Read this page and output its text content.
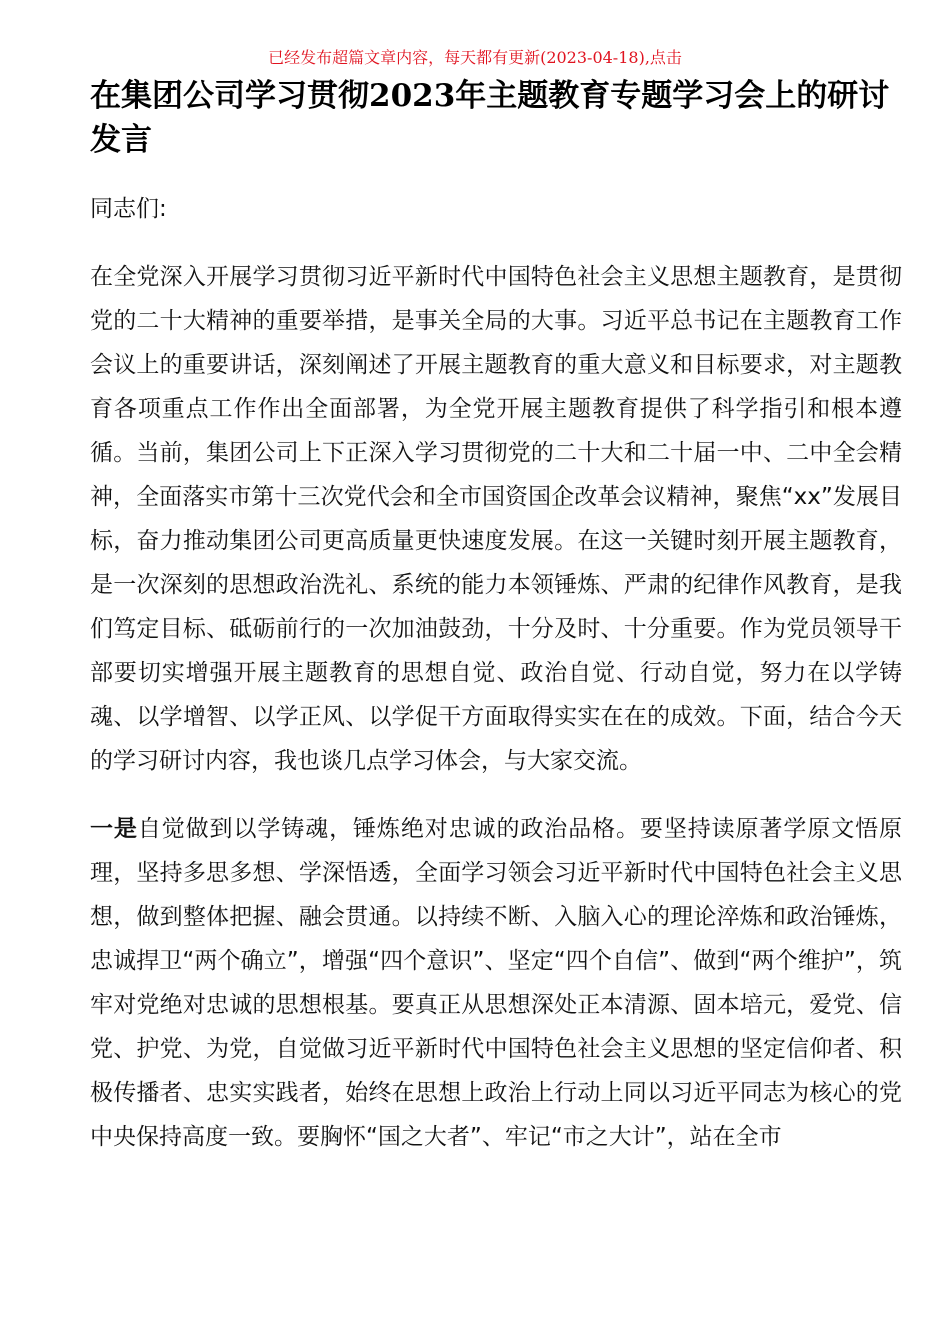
已经发布超篇文章内容，每天都有更新(2023-04-18),点击
在集团公司学习贯彻2023年主题教育专题学习会上的研讨发言

同志们:

在全党深入开展学习贯彻习近平新时代中国特色社会主义思想主题教育，是贯彻党的二十大精神的重要举措，是事关全局的大事。习近平总书记在主题教育工作会议上的重要讲话，深刻阐述了开展主题教育的重大意义和目标要求，对主题教育各项重点工作作出全面部署，为全党开展主题教育提供了科学指引和根本遵循。当前，集团公司上下正深入学习贯彻党的二十大和二十届一中、二中全会精神，全面落实市第十三次党代会和全市国资国企改革会议精神，聚焦“xx”发展目标，奋力推动集团公司更高质量更快速度发展。在这一关键时刻开展主题教育，是一次深刻的思想政治洗礼、系统的能力本领锤炼、严肃的纪律作风教育，是我们笃定目标、砥砺前行的一次加油鼓劲，十分及时、十分重要。作为党员领导干部要切实增强开展主题教育的思想自觉、政治自觉、行动自觉，努力在以学铸魂、以学增智、以学正风、以学促干方面取得实实在在的成效。下面，结合今天的学习研讨内容，我也谈几点学习体会，与大家交流。

一是自觉做到以学铸魂，锤炼绝对忠诚的政治品格。要坚持读原著学原文悟原理，坚持多思多想、学深悟透，全面学习领会习近平新时代中国特色社会主义思想，做到整体把握、融会贯通。以持续不断、入脑入心的理论淬炼和政治锤炼，忠诚捍卫“两个确立”，增强“四个意识”、坚定“四个自信”、做到“两个维护”，筑牢对党绝对忠诚的思想根基。要真正从思想深处正本清源、固本培元，爱党、信党、护党、为党，自觉做习近平新时代中国特色社会主义思想的坚定信仰者、积极传播者、忠实实践者，始终在思想上政治上行动上同以习近平同志为核心的党中央保持高度一致。要胸怀“国之大者”、牢记“市之大计”，站在全市
